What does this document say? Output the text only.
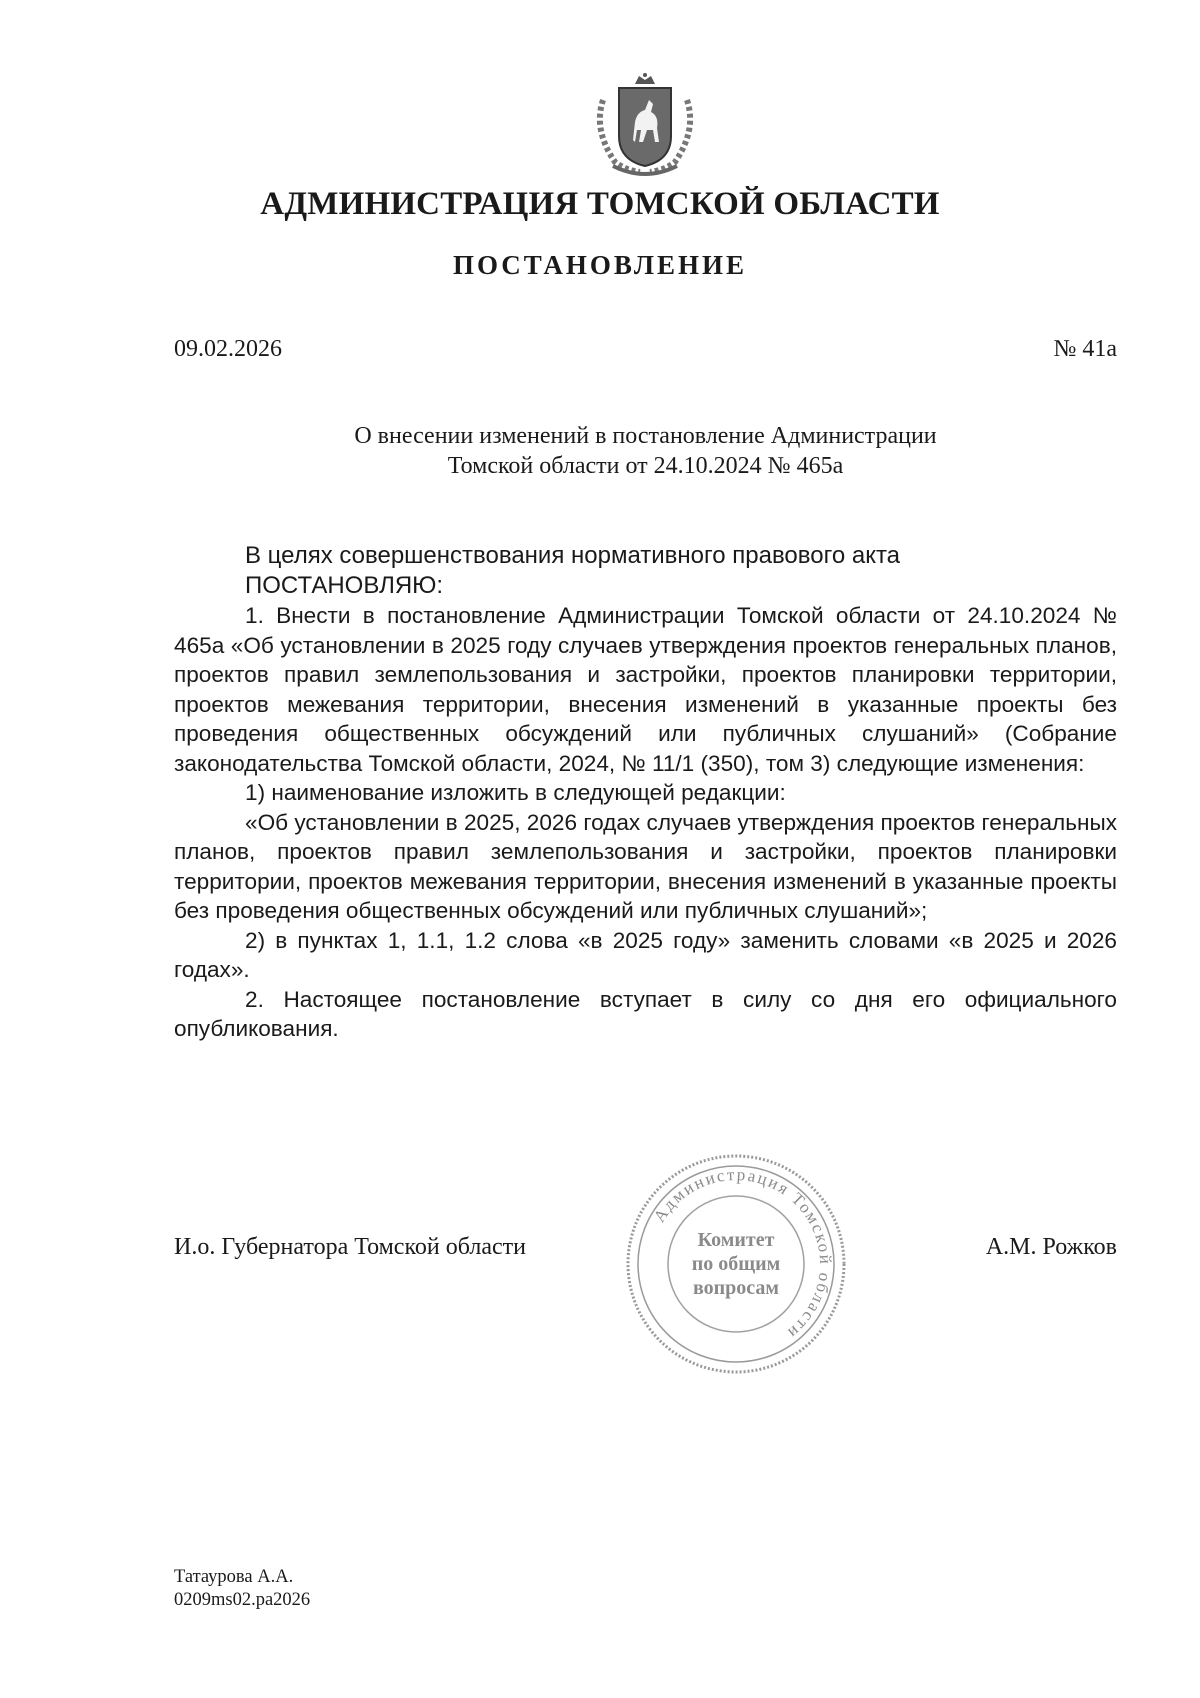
АДМИНИСТРАЦИЯ ТОМСКОЙ ОБЛАСТИ
ПОСТАНОВЛЕНИЕ
09.02.2026	№ 41а
О внесении изменений в постановление Администрации
Томской области от 24.10.2024 № 465а
В целях совершенствования нормативного правового акта
ПОСТАНОВЛЯЮ:

1. Внести в постановление Администрации Томской области от 24.10.2024 № 465а «Об установлении в 2025 году случаев утверждения проектов генеральных планов, проектов правил землепользования и застройки, проектов планировки территории, проектов межевания территории, внесения изменений в указанные проекты без проведения общественных обсуждений или публичных слушаний» (Собрание законодательства Томской области, 2024, № 11/1 (350), том 3) следующие изменения:

1) наименование изложить в следующей редакции:

«Об установлении в 2025, 2026 годах случаев утверждения проектов генеральных планов, проектов правил землепользования и застройки, проектов планировки территории, проектов межевания территории, внесения изменений в указанные проекты без проведения общественных обсуждений или публичных слушаний»;

2) в пунктах 1, 1.1, 1.2 слова «в 2025 году» заменить словами «в 2025 и 2026 годах».

2. Настоящее постановление вступает в силу со дня его официального опубликования.

И.о. Губернатора Томской области	А.М. Рожков
Администрация Томской области
Комитет
по общим
вопросам
Татаурова А.А.
0209ms02.pa2026
